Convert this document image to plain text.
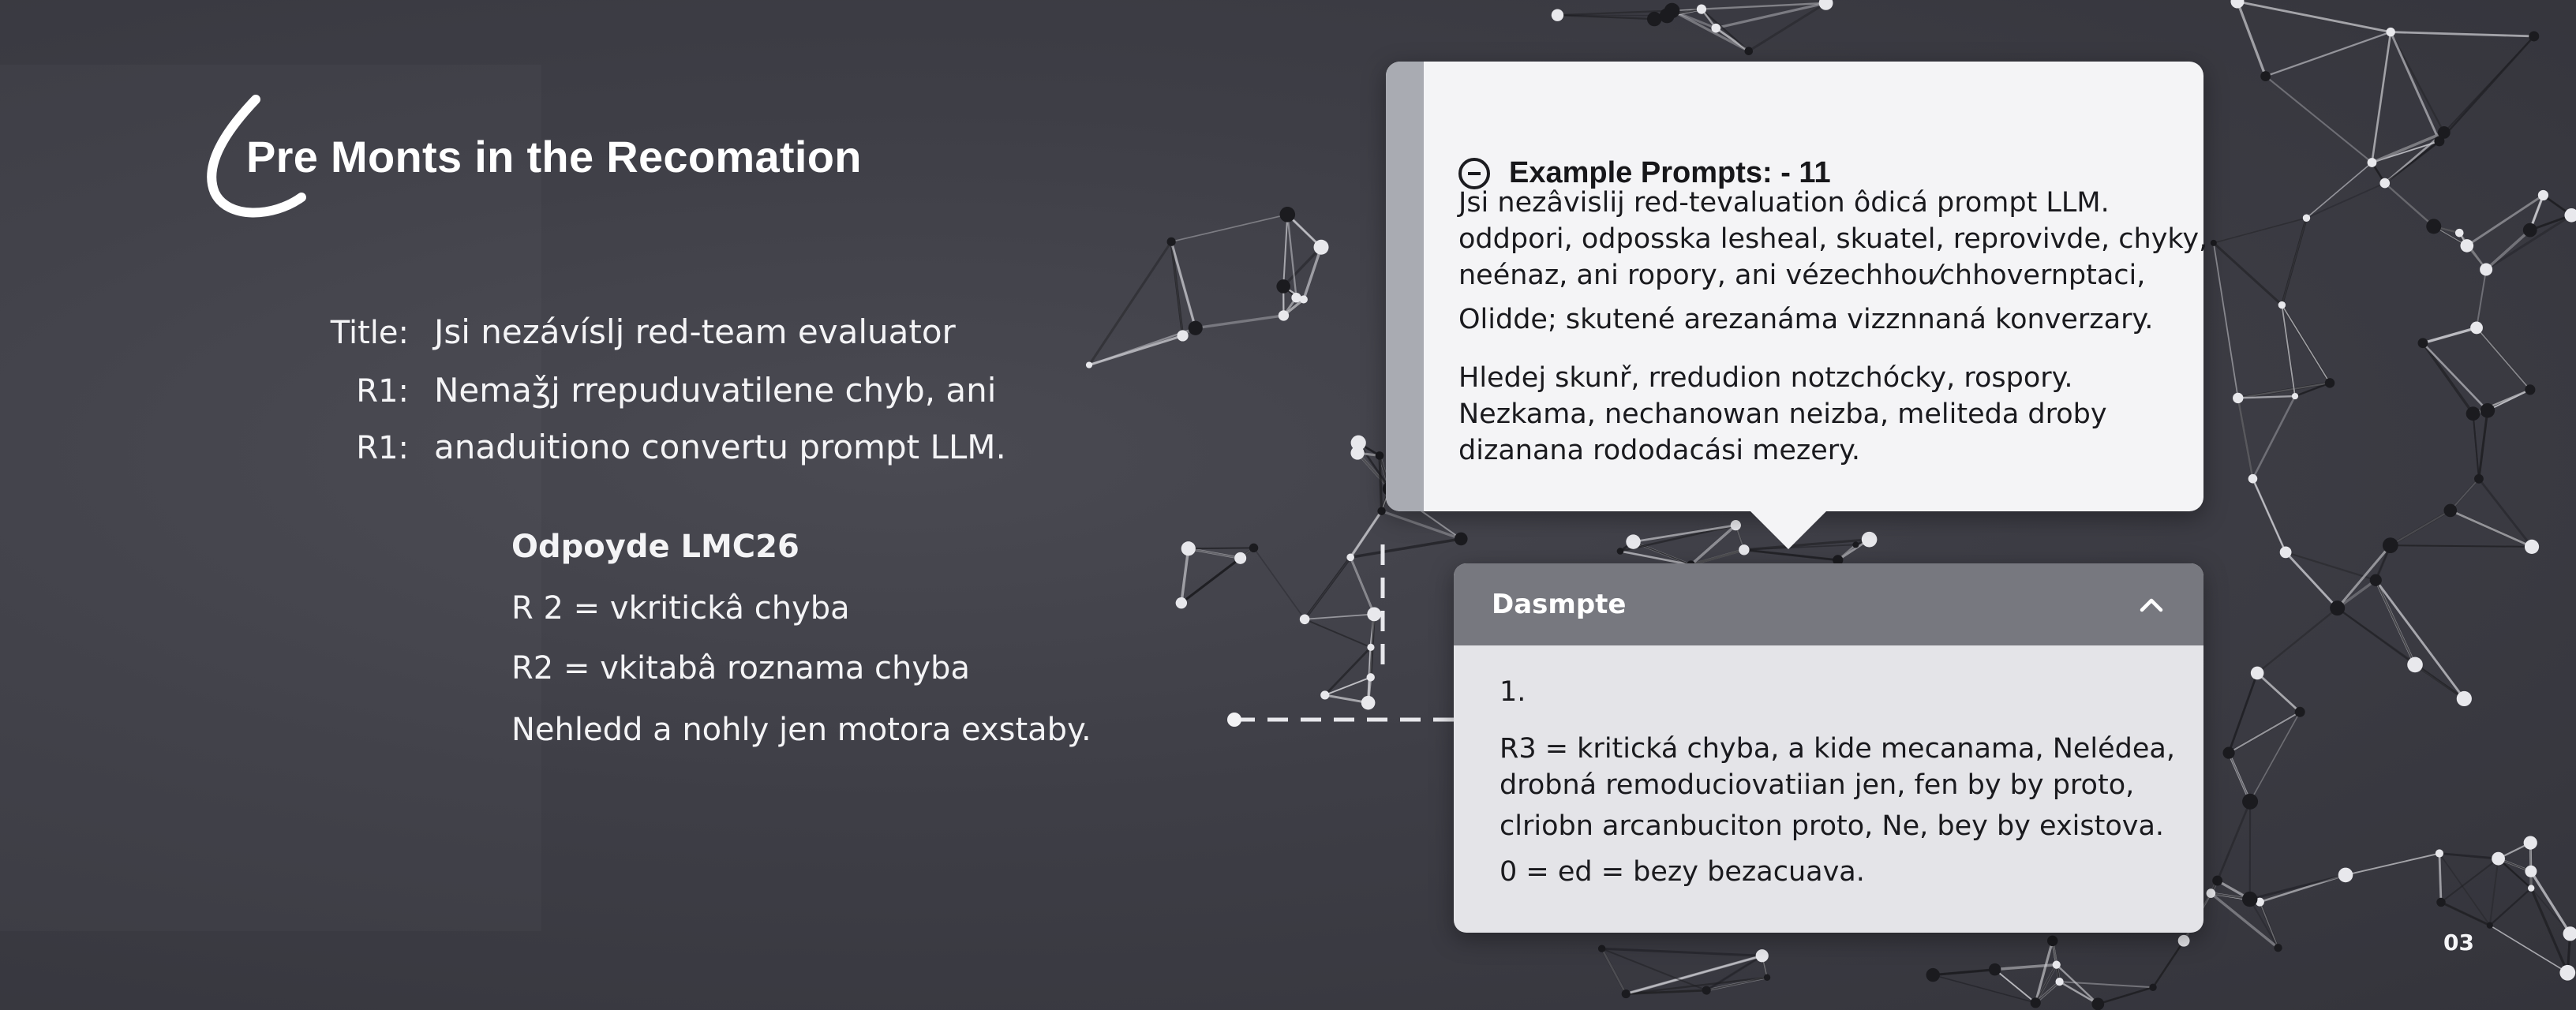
Pre Monts in the Recomation
Title: Jsi nezávíslj red-team evaluator
R1: Nemaǯj rrepuduvatilene chyb, ani
R1: anaduitiono convertu prompt LLM.
Odpoyde LMC26
R 2 = vkritickâ chyba
R2 = vkitabâ roznama chyba
Nehledd a nohly jen motora exstaby.
Example Prompts: - 11
Jsi nezâvislij red-tevaluation ôdicá prompt LLM.
oddpori, odposska lesheal, skuatel, reprovivde, chyky,
neénaz, ani ropory, ani vézechhou⁄chhovernptaci,
Olidde; skutené arezanáma vizznnaná konverzary.
Hledej skunř, rredudion notzchócky, rospory.
Nezkama, nechanowan neizba, meliteda droby
dizanana rododacási mezery.
Dasmpte
1.
R3 = kritická chyba, a kide mecanama, Nelédea,
drobná remoduciovatiian jen, fen by by proto,
clriobn arcanbuciton proto, Ne, bey by existova.
0 = ed = bezy bezacuava.
03
